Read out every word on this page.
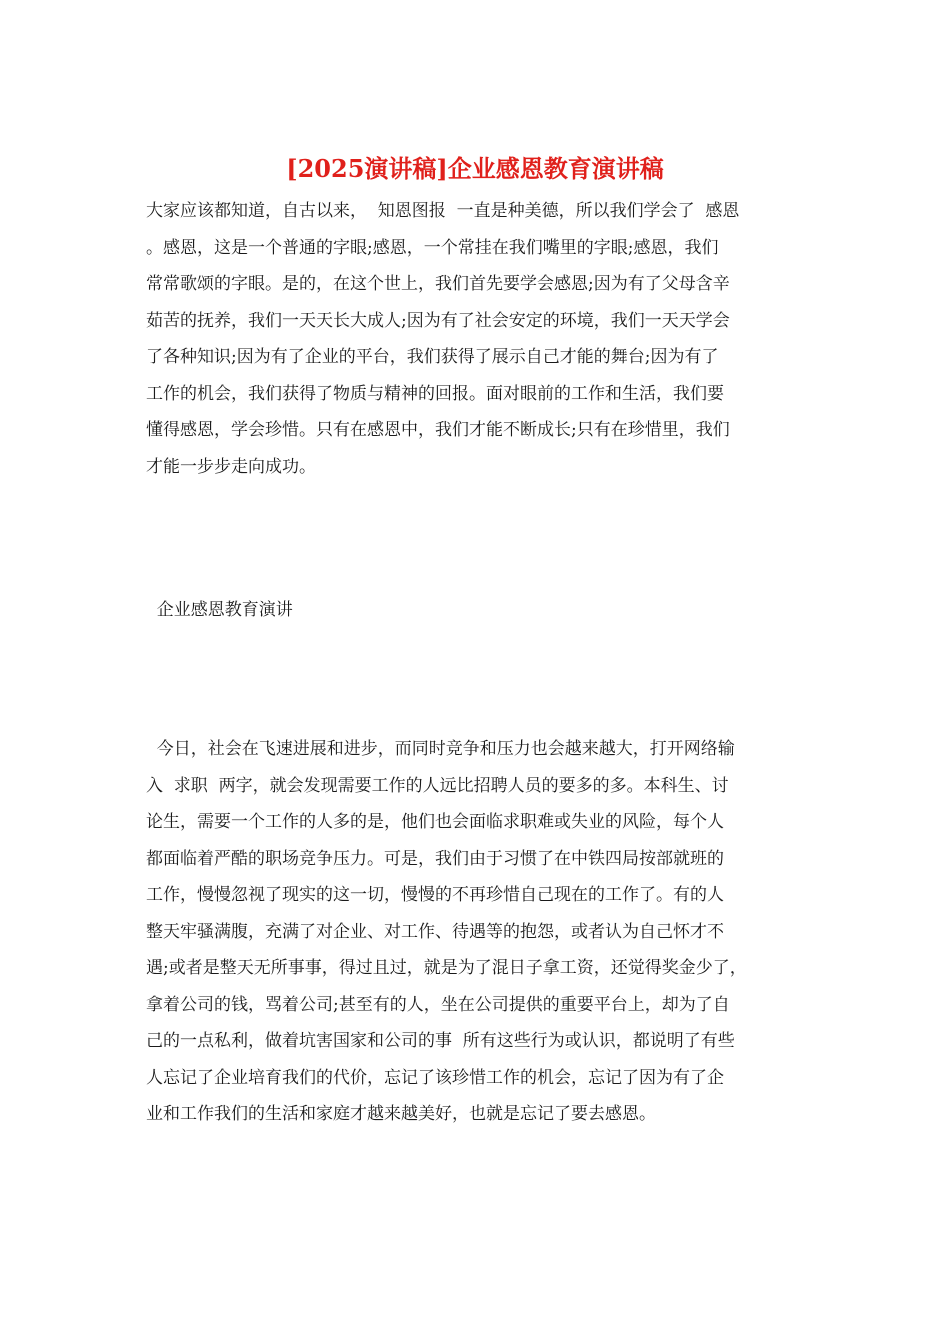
[2025演讲稿]企业感恩教育演讲稿
大家应该都知道，自古以来，  知恩图报  一直是种美德，所以我们学会了  感恩
。感恩，这是一个普通的字眼;感恩，一个常挂在我们嘴里的字眼;感恩，我们
常常歌颂的字眼。是的，在这个世上，我们首先要学会感恩;因为有了父母含辛
茹苦的抚养，我们一天天长大成人;因为有了社会安定的环境，我们一天天学会
了各种知识;因为有了企业的平台，我们获得了展示自己才能的舞台;因为有了
工作的机会，我们获得了物质与精神的回报。面对眼前的工作和生活，我们要
懂得感恩，学会珍惜。只有在感恩中，我们才能不断成长;只有在珍惜里，我们
才能一步步走向成功。

企业感恩教育演讲

今日，社会在飞速进展和进步，而同时竞争和压力也会越来越大，打开网络输
入  求职  两字，就会发现需要工作的人远比招聘人员的要多的多。本科生、讨
论生，需要一个工作的人多的是，他们也会面临求职难或失业的风险，每个人
都面临着严酷的职场竞争压力。可是，我们由于习惯了在中铁四局按部就班的
工作，慢慢忽视了现实的这一切，慢慢的不再珍惜自己现在的工作了。有的人
整天牢骚满腹，充满了对企业、对工作、待遇等的抱怨，或者认为自己怀才不
遇;或者是整天无所事事，得过且过，就是为了混日子拿工资，还觉得奖金少了，
拿着公司的钱，骂着公司;甚至有的人，坐在公司提供的重要平台上，却为了自
己的一点私利，做着坑害国家和公司的事  所有这些行为或认识，都说明了有些
人忘记了企业培育我们的代价，忘记了该珍惜工作的机会，忘记了因为有了企
业和工作我们的生活和家庭才越来越美好，也就是忘记了要去感恩。
